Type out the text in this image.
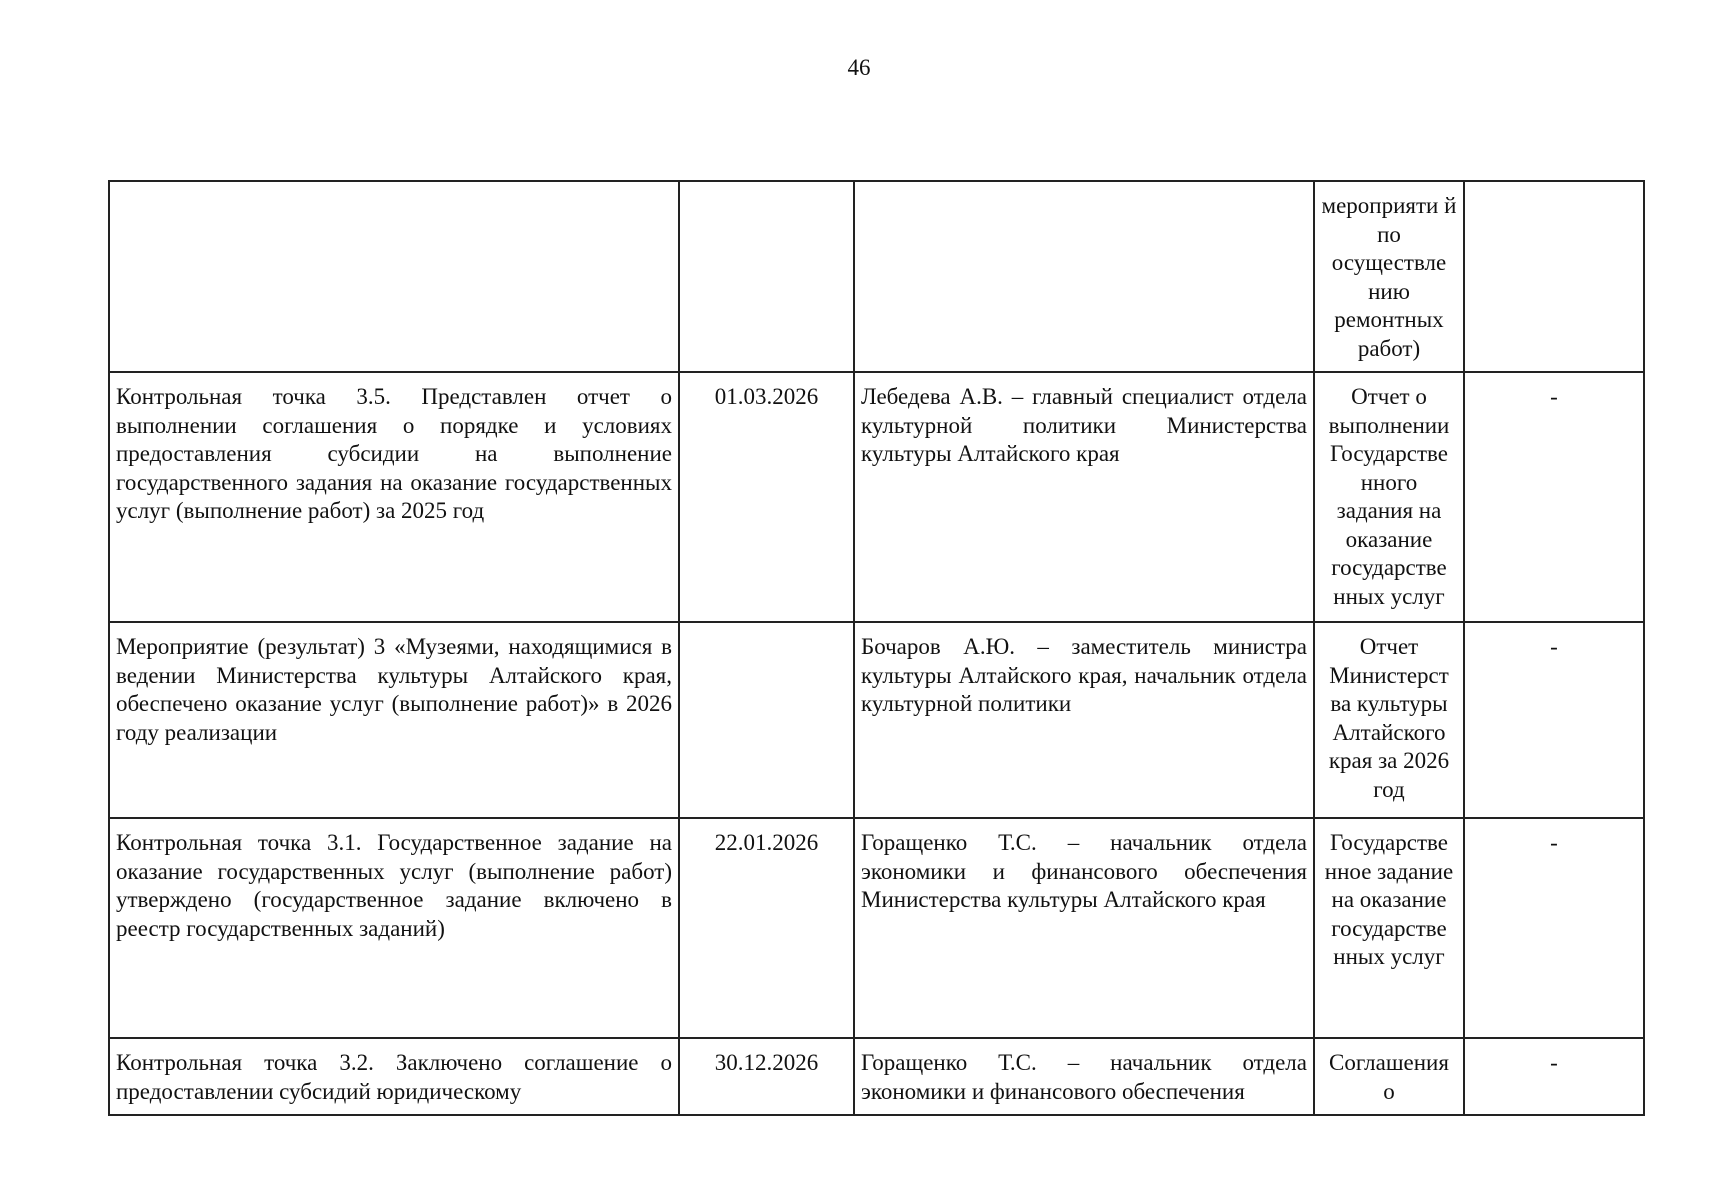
46
			мероприяти й по осуществле нию ремонтных работ)	
Контрольная точка 3.5. Представлен отчет о выполнении соглашения о порядке и условиях предоставления субсидии на выполнение государственного задания на оказание государственных услуг (выполнение работ) за 2025 год	01.03.2026	Лебедева А.В. – главный специалист отдела культурной политики Министерства культуры Алтайского края	Отчет о выполнении Государстве нного задания на оказание государстве нных услуг	-
Мероприятие (результат) 3 «Музеями, находящимися в ведении Министерства культуры Алтайского края, обеспечено оказание услуг (выполнение работ)» в 2026 году реализации		Бочаров А.Ю. – заместитель министра культуры Алтайского края, начальник отдела культурной политики	Отчет Министерст ва культуры Алтайского края за 2026 год	-
Контрольная точка 3.1. Государственное задание на оказание государственных услуг (выполнение работ) утверждено (государственное задание включено в реестр государственных заданий)	22.01.2026	Горащенко Т.С. – начальник отдела экономики и финансового обеспечения Министерства культуры Алтайского края	Государстве нное задание на оказание государстве нных услуг	-
Контрольная точка 3.2. Заключено соглашение о предоставлении субсидий юридическому	30.12.2026	Горащенко Т.С. – начальник отдела экономики и финансового обеспечения	Соглашения о	-
